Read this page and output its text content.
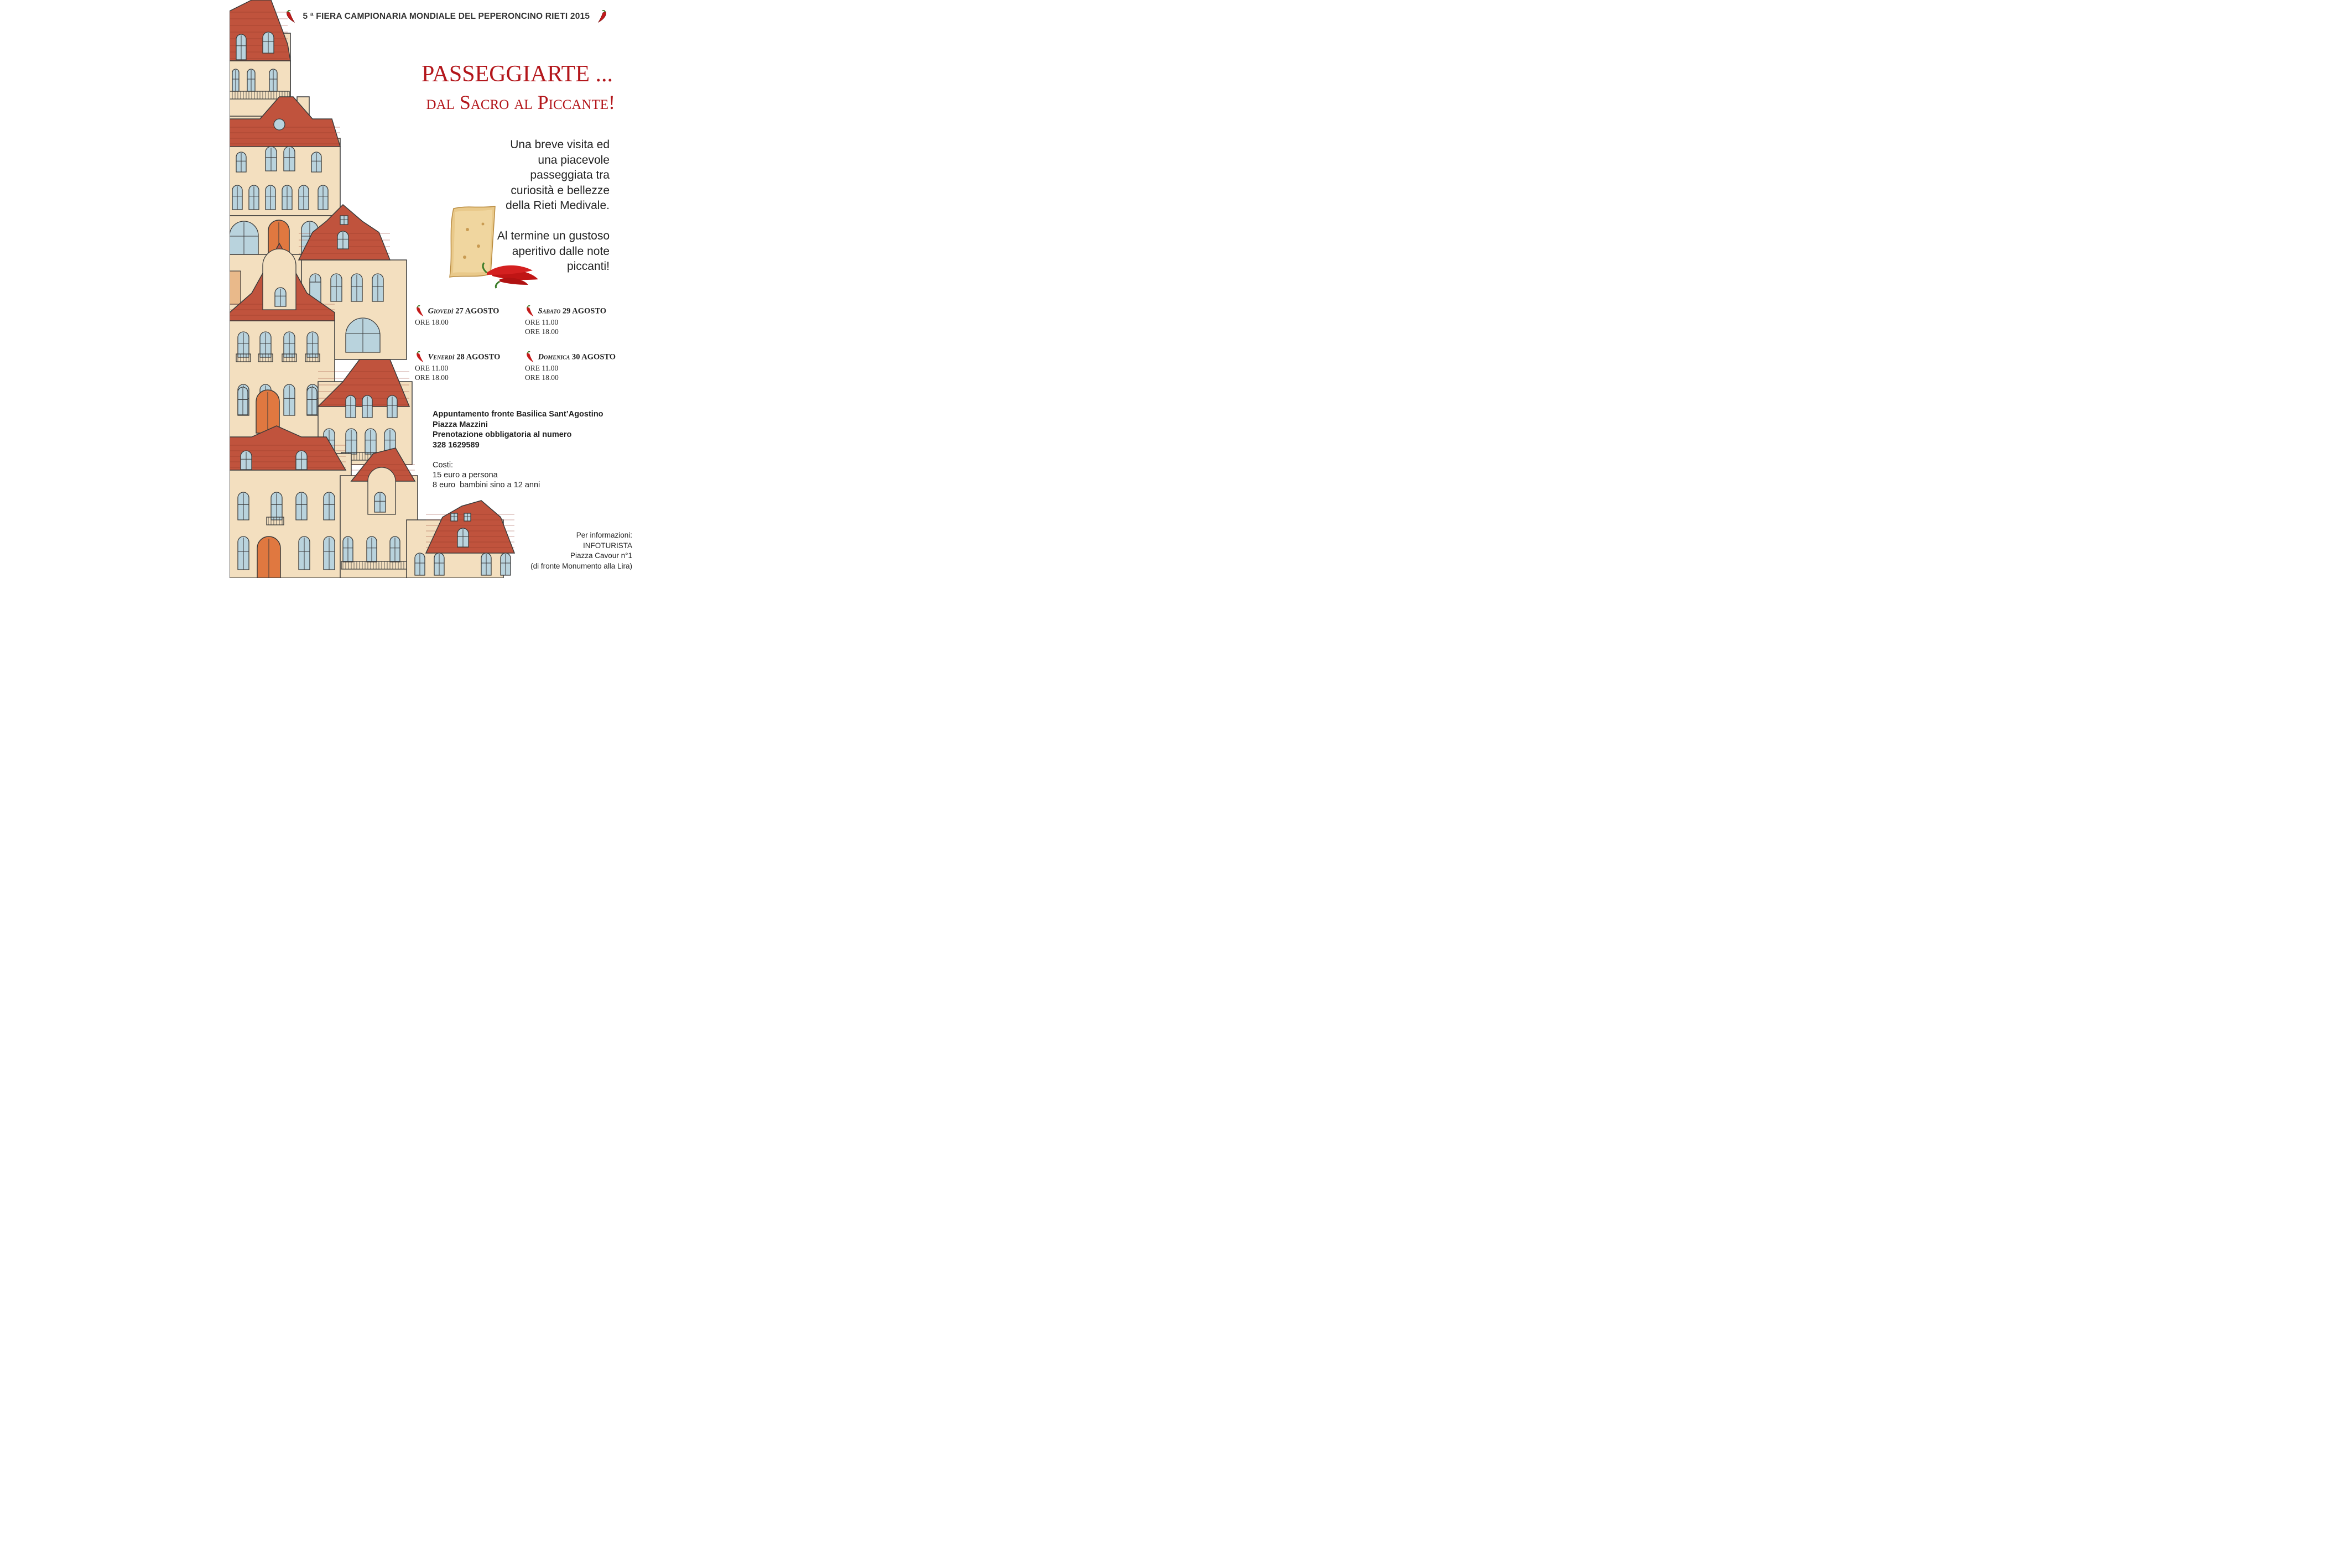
5 ª FIERA CAMPIONARIA MONDIALE DEL PEPERONCINO RIETI 2015
PASSEGGIARTE ...
dal Sacro al Piccante!
Una breve visita ed
una piacevole
passeggiata tra
curiosità e bellezze
della Rieti Medivale.
Al termine un gustoso
aperitivo dalle note
piccanti!
Giovedì 27 AGOSTO
ORE 18.00
Sabato 29 AGOSTO
ORE 11.00
ORE 18.00
Venerdì 28 AGOSTO
ORE 11.00
ORE 18.00
Domenica 30 AGOSTO
ORE 11.00
ORE 18.00
Appuntamento fronte Basilica Sant’Agostino
Piazza Mazzini
Prenotazione obbligatoria al numero
328 1629589
Costi:
15 euro a persona
8 euro  bambini sino a 12 anni
Per informazioni:
INFOTURISTA
Piazza Cavour n°1
(di fronte Monumento alla Lira)
